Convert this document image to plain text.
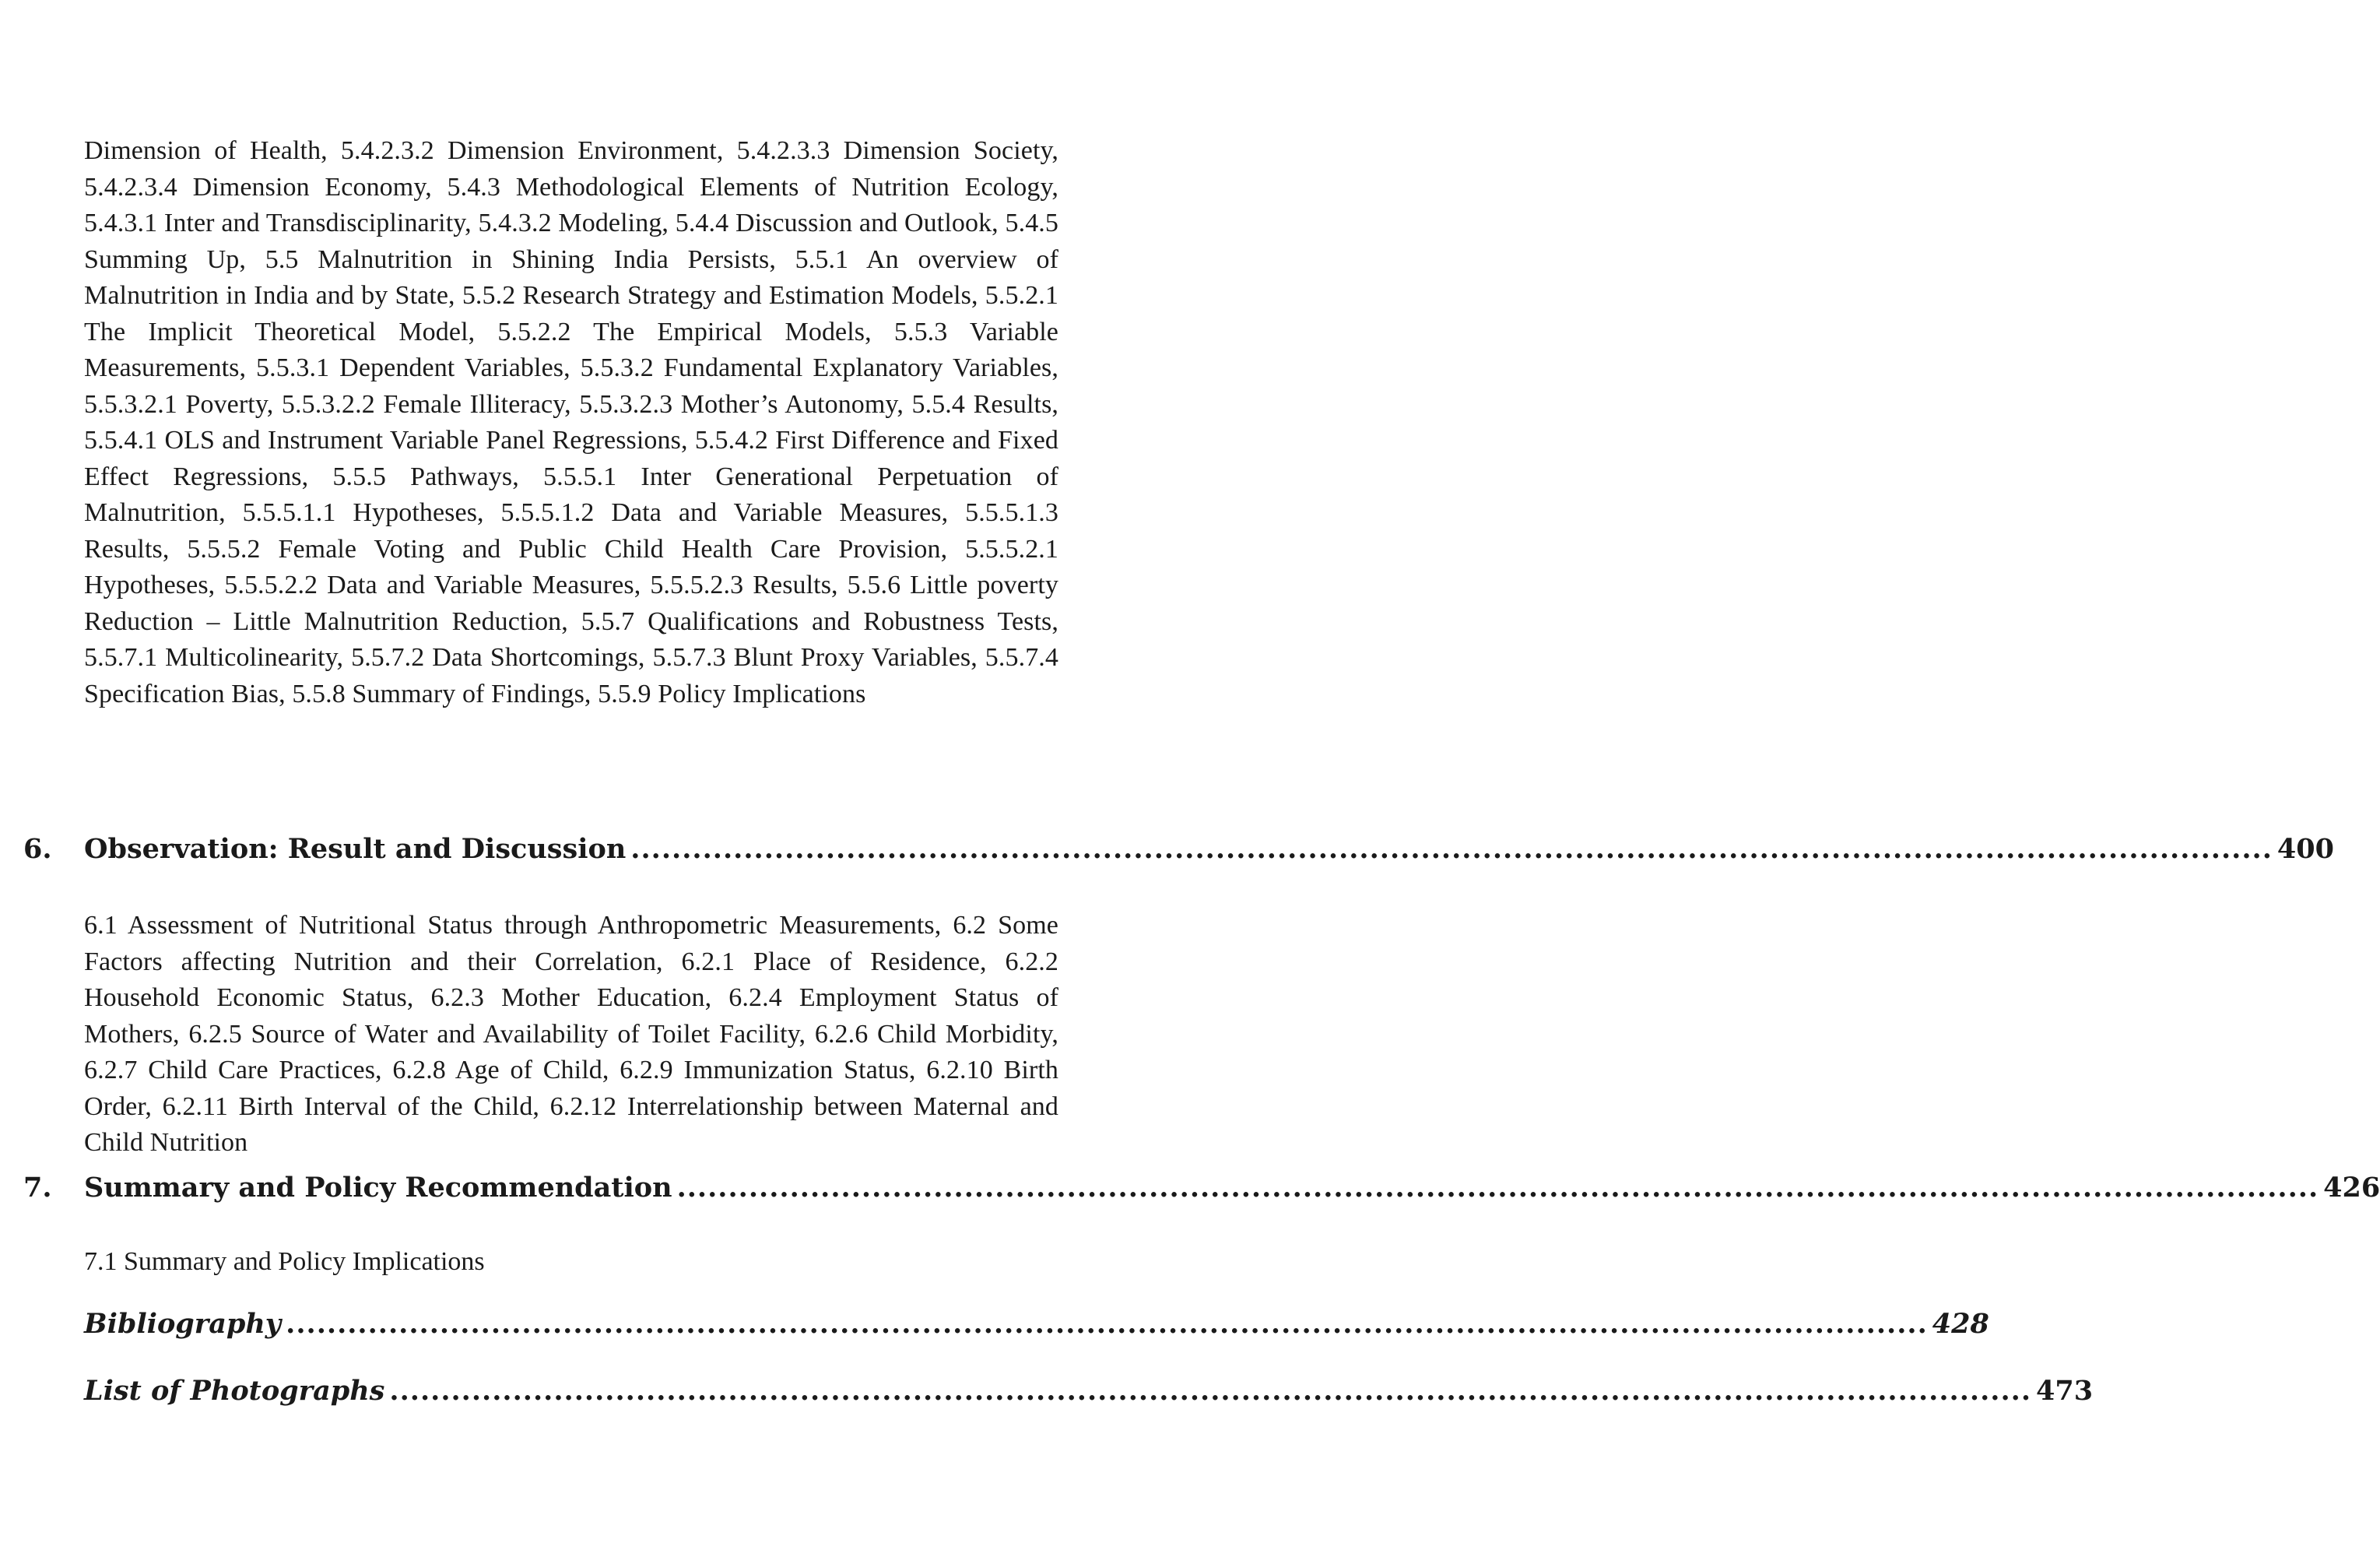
Dimension of Health, 5.4.2.3.2 Dimension Environment, 5.4.2.3.3 Dimension Society, 5.4.2.3.4 Dimension Economy, 5.4.3 Methodological Elements of Nutrition Ecology, 5.4.3.1 Inter and Transdisciplinarity, 5.4.3.2 Modeling, 5.4.4 Discussion and Outlook, 5.4.5 Summing Up, 5.5 Malnutrition in Shining India Persists, 5.5.1 An overview of Malnutrition in India and by State, 5.5.2 Research Strategy and Estimation Models, 5.5.2.1 The Implicit Theoretical Model, 5.5.2.2 The Empirical Models, 5.5.3 Variable Measurements, 5.5.3.1 Dependent Variables, 5.5.3.2 Fundamental Explanatory Variables, 5.5.3.2.1 Poverty, 5.5.3.2.2 Female Illiteracy, 5.5.3.2.3 Mother’s Autonomy, 5.5.4 Results, 5.5.4.1 OLS and Instrument Variable Panel Regressions, 5.5.4.2 First Difference and Fixed Effect Regressions, 5.5.5 Pathways, 5.5.5.1 Inter Generational Perpetuation of Malnutrition, 5.5.5.1.1 Hypotheses, 5.5.5.1.2 Data and Variable Measures, 5.5.5.1.3 Results, 5.5.5.2 Female Voting and Public Child Health Care Provision, 5.5.5.2.1 Hypotheses, 5.5.5.2.2 Data and Variable Measures, 5.5.5.2.3 Results, 5.5.6 Little poverty Reduction – Little Malnutrition Reduction, 5.5.7 Qualifications and Robustness Tests, 5.5.7.1 Multicolinearity, 5.5.7.2 Data Shortcomings, 5.5.7.3 Blunt Proxy Variables, 5.5.7.4 Specification Bias, 5.5.8 Summary of Findings, 5.5.9 Policy Implications

6.	Observation: Result and Discussion ................................................................................................................................................................ 400

6.1 Assessment of Nutritional Status through Anthropometric Measurements, 6.2 Some Factors affecting Nutrition and their Correlation, 6.2.1 Place of Residence, 6.2.2 Household Economic Status, 6.2.3 Mother Education, 6.2.4 Employment Status of Mothers, 6.2.5 Source of Water and Availability of Toilet Facility, 6.2.6 Child Morbidity, 6.2.7 Child Care Practices, 6.2.8 Age of Child, 6.2.9 Immunization Status, 6.2.10 Birth Order, 6.2.11 Birth Interval of the Child, 6.2.12 Interrelationship between Maternal and Child Nutrition

7.	Summary and Policy Recommendation ................................................................................................................................................................ 426
7.1 Summary and Policy Implications
Bibliography ................................................................................................................................................................ 428
List of Photographs ................................................................................................................................................................ 473
